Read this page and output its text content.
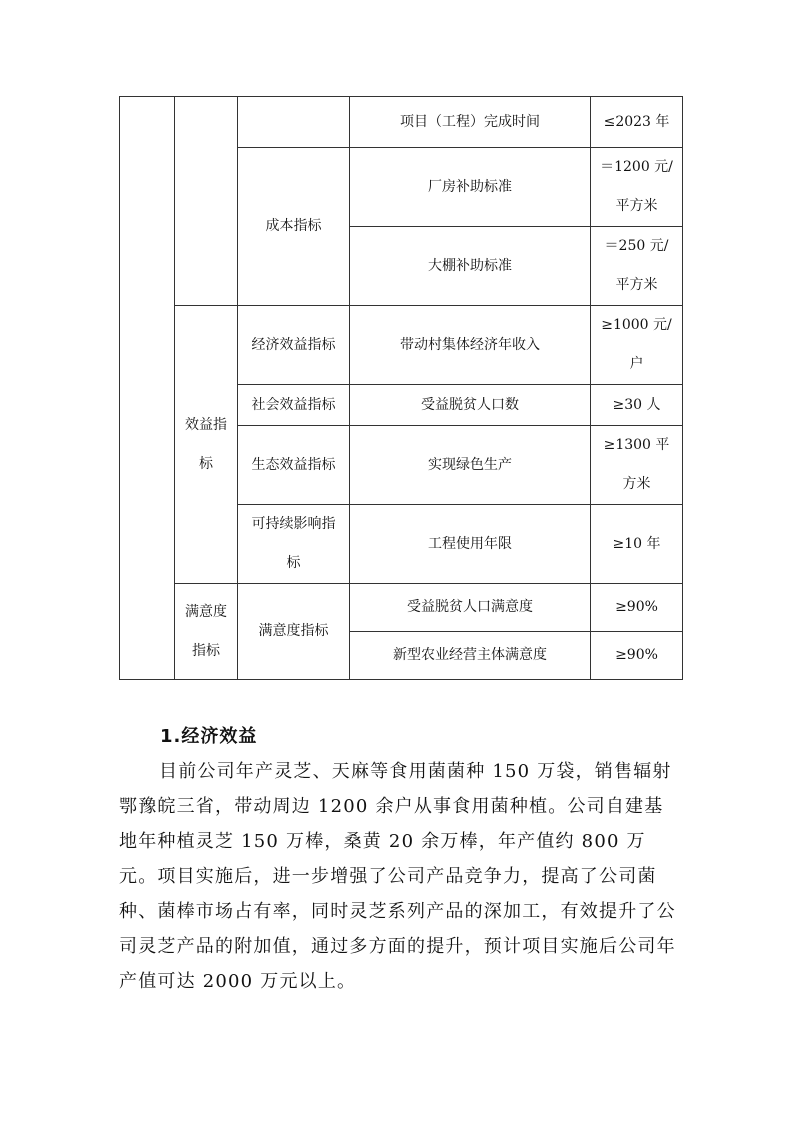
			项目（工程）完成时间	≤2023 年
		成本指标	厂房补助标准	＝1200 元/
平方米
			大棚补助标准	＝250 元/
平方米

	效益指
标	经济效益指标	带动村集体经济年收入	≥1000 元/
户
		社会效益指标	受益脱贫人口数	≥30 人
		生态效益指标	实现绿色生产	≥1300 平
方米
		可持续影响指
标	工程使用年限	≥10 年
	满意度
指标	满意度指标	受益脱贫人口满意度	≥90%
			新型农业经营主体满意度	≥90%
1.经济效益

目前公司年产灵芝、天麻等食用菌菌种 150 万袋，销售辐射鄂豫皖三省，带动周边 1200 余户从事食用菌种植。公司自建基地年种植灵芝 150 万棒，桑黄 20 余万棒，年产值约 800 万元。项目实施后，进一步增强了公司产品竞争力，提高了公司菌种、菌棒市场占有率，同时灵芝系列产品的深加工，有效提升了公司灵芝产品的附加值，通过多方面的提升，预计项目实施后公司年产值可达 2000 万元以上。
